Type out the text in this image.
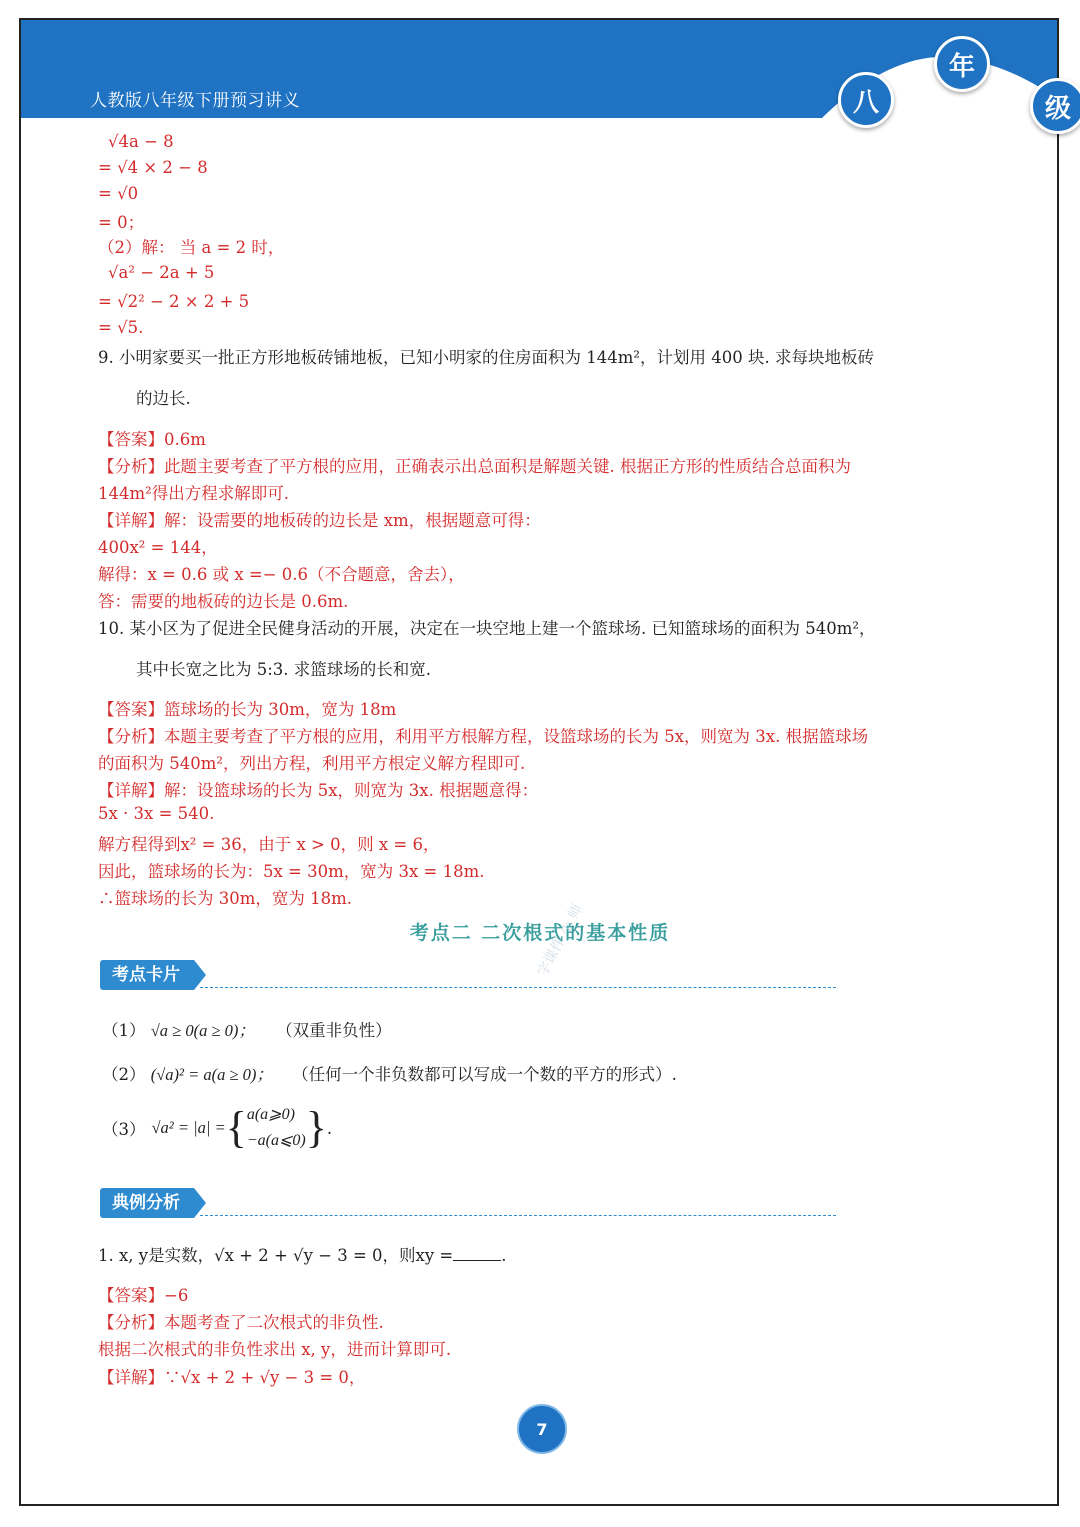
人教版八年级下册预习讲义	八
年
级
√4a − 8
= √4 × 2 − 8
= √0
= 0；
（2）解： 当 a = 2 时，
√a² − 2a + 5
= √2² − 2 × 2 + 5
= √5.
9. 小明家要买一批正方形地板砖铺地板，已知小明家的住房面积为 144m²，计划用 400 块. 求每块地板砖
的边长.
【答案】0.6m
【分析】此题主要考查了平方根的应用，正确表示出总面积是解题关键. 根据正方形的性质结合总面积为
144m²得出方程求解即可.
【详解】解：设需要的地板砖的边长是 xm，根据题意可得：
400x² = 144，
解得：x = 0.6 或 x =− 0.6（不合题意，舍去），
答：需要的地板砖的边长是 0.6m.
10. 某小区为了促进全民健身活动的开展，决定在一块空地上建一个篮球场. 已知篮球场的面积为 540m²，
其中长宽之比为 5:3. 求篮球场的长和宽.
【答案】篮球场的长为 30m，宽为 18m
【分析】本题主要考查了平方根的应用，利用平方根解方程，设篮球场的长为 5x，则宽为 3x. 根据篮球场
的面积为 540m²，列出方程，利用平方根定义解方程即可.
【详解】解：设篮球场的长为 5x，则宽为 3x. 根据题意得：
5x · 3x = 540.
解方程得到x² = 36，由于 x > 0，则 x = 6，
因此，篮球场的长为：5x = 30m，宽为 3x = 18m.
∴篮球场的长为 30m，宽为 18m.
考点二 二次根式的基本性质
考点卡片
（1） √a ≥ 0(a ≥ 0)； （双重非负性）
（2） (√a)² = a(a ≥ 0)； （任何一个非负数都可以写成一个数的平方的形式）.
（3） √a² = |a| = { a(a⩾0)
−a(a⩽0) } .
典例分析
1. x, y是实数，√x + 2 + √y − 3 = 0，则xy =	.
【答案】−6
【分析】本题考查了二次根式的非负性.
根据二次根式的非负性求出 x, y，进而计算即可.
【详解】∵√x + 2 + √y − 3 = 0，
字课件 小 师
7
